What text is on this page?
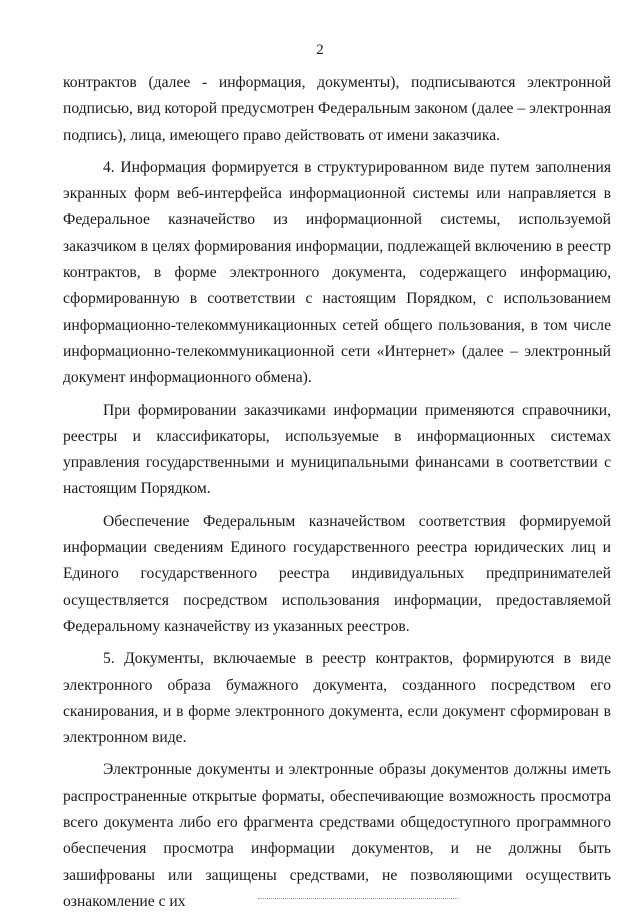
2

контрактов (далее - информация, документы), подписываются электронной подписью, вид которой предусмотрен Федеральным законом (далее – электронная подпись), лица, имеющего право действовать от имени заказчика.

4. Информация формируется в структурированном виде путем заполнения экранных форм веб-интерфейса информационной системы или направляется в Федеральное казначейство из информационной системы, используемой заказчиком в целях формирования информации, подлежащей включению в реестр контрактов, в форме электронного документа, содержащего информацию, сформированную в соответствии с настоящим Порядком, с использованием информационно-телекоммуникационных сетей общего пользования, в том числе информационно-телекоммуникационной сети «Интернет» (далее – электронный документ информационного обмена).

При формировании заказчиками информации применяются справочники, реестры и классификаторы, используемые в информационных системах управления государственными и муниципальными финансами в соответствии с настоящим Порядком.

Обеспечение Федеральным казначейством соответствия формируемой информации сведениям Единого государственного реестра юридических лиц и Единого государственного реестра индивидуальных предпринимателей осуществляется посредством использования информации, предоставляемой Федеральному казначейству из указанных реестров.

5. Документы, включаемые в реестр контрактов, формируются в виде электронного образа бумажного документа, созданного посредством его сканирования, и в форме электронного документа, если документ сформирован в электронном виде.

Электронные документы и электронные образы документов должны иметь распространенные открытые форматы, обеспечивающие возможность просмотра всего документа либо его фрагмента средствами общедоступного программного обеспечения просмотра информации документов, и не должны быть зашифрованы или защищены средствами, не позволяющими осуществить ознакомление с их
